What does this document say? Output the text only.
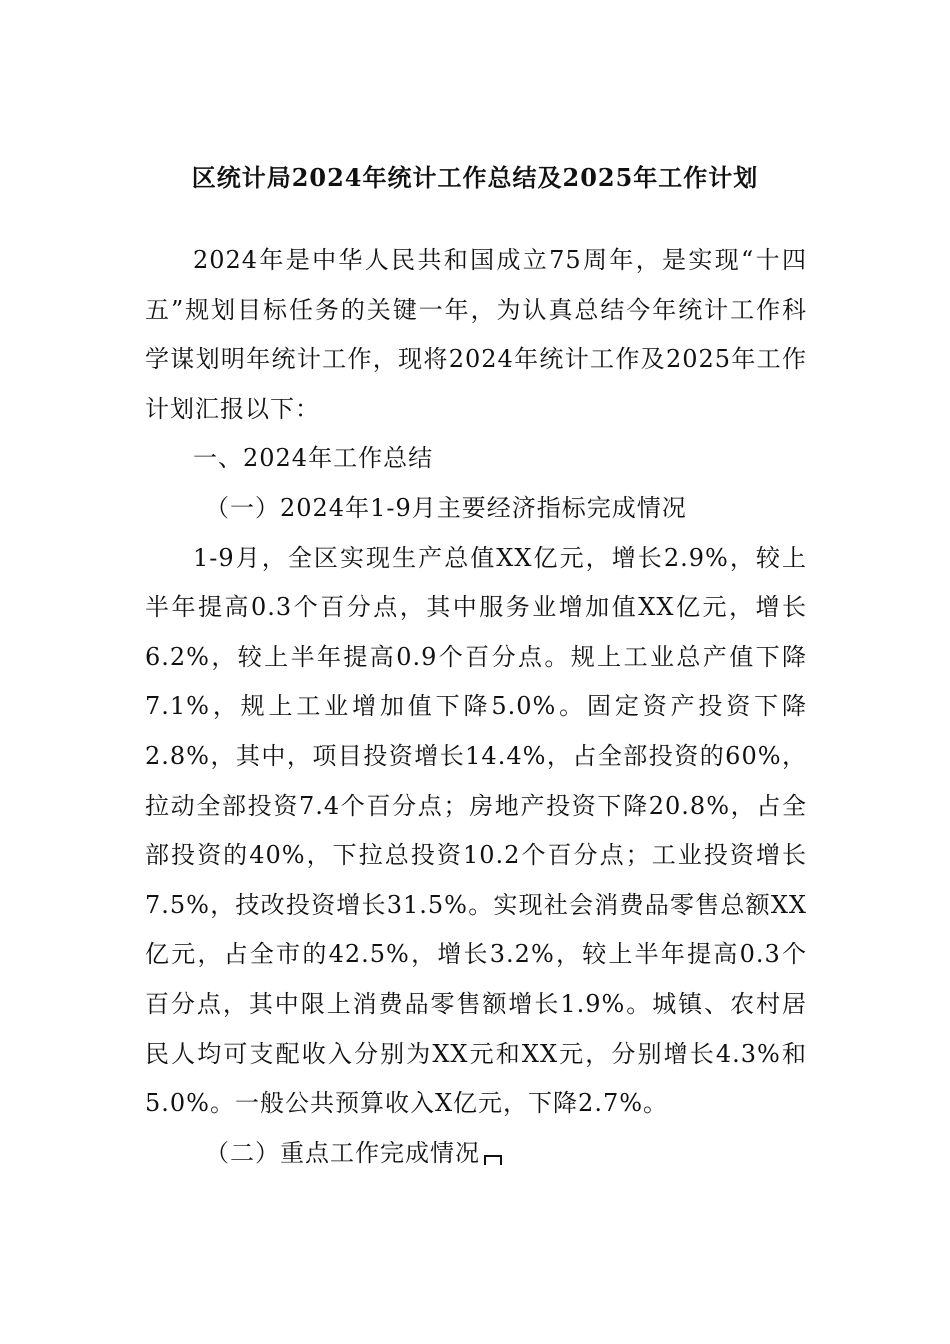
区统计局2024年统计工作总结及2025年工作计划

2024年是中华人民共和国成立75周年，是实现“十四五”规划目标任务的关键一年，为认真总结今年统计工作科学谋划明年统计工作，现将2024年统计工作及2025年工作计划汇报以下：

一、2024年工作总结

（一）2024年1-9月主要经济指标完成情况

1-9月，全区实现生产总值XX亿元，增长2.9%，较上半年提高0.3个百分点，其中服务业增加值XX亿元，增长6.2%，较上半年提高0.9个百分点。规上工业总产值下降7.1%，规上工业增加值下降5.0%。固定资产投资下降2.8%，其中，项目投资增长14.4%，占全部投资的60%，拉动全部投资7.4个百分点；房地产投资下降20.8%，占全部投资的40%，下拉总投资10.2个百分点；工业投资增长7.5%，技改投资增长31.5%。实现社会消费品零售总额XX亿元，占全市的42.5%，增长3.2%，较上半年提高0.3个百分点，其中限上消费品零售额增长1.9%。城镇、农村居民人均可支配收入分别为XX元和XX元，分别增长4.3%和5.0%。一般公共预算收入X亿元，下降2.7%。

（二）重点工作完成情况
